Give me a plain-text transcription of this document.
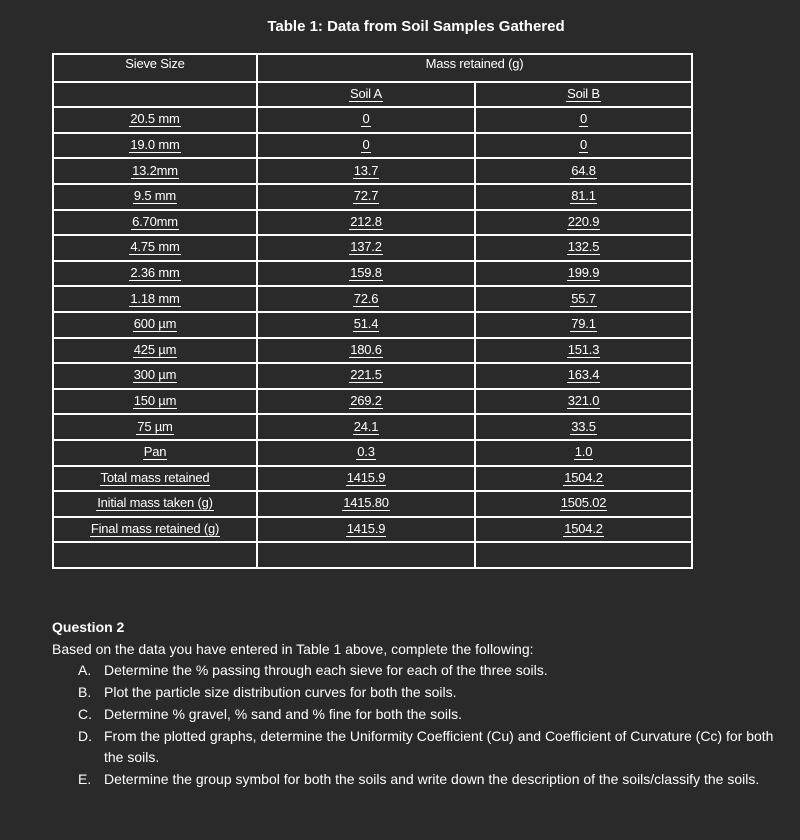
Table 1: Data from Soil Samples Gathered
Sieve Size	Mass retained (g)	
	Soil A	Soil B
20.5 mm	0	0
19.0 mm	0	0
13.2mm	13.7	64.8
9.5 mm	72.7	81.1
6.70mm	212.8	220.9
4.75 mm	137.2	132.5
2.36 mm	159.8	199.9
1.18 mm	72.6	55.7
600 µm	51.4	79.1
425 µm	180.6	151.3
300 µm	221.5	163.4
150 µm	269.2	321.0
75 µm	24.1	33.5
Pan	0.3	1.0
Total mass retained	1415.9	1504.2
Initial mass taken (g)	1415.80	1505.02
Final mass retained (g)	1415.9	1504.2

Question 2
Based on the data you have entered in Table 1 above, complete the following:
A. Determine the % passing through each sieve for each of the three soils.
B. Plot the particle size distribution curves for both the soils.
C. Determine % gravel, % sand and % fine for both the soils.
D. From the plotted graphs, determine the Uniformity Coefficient (Cu) and Coefficient of Curvature (Cc) for both the soils.
E. Determine the group symbol for both the soils and write down the description of the soils/classify the soils.
